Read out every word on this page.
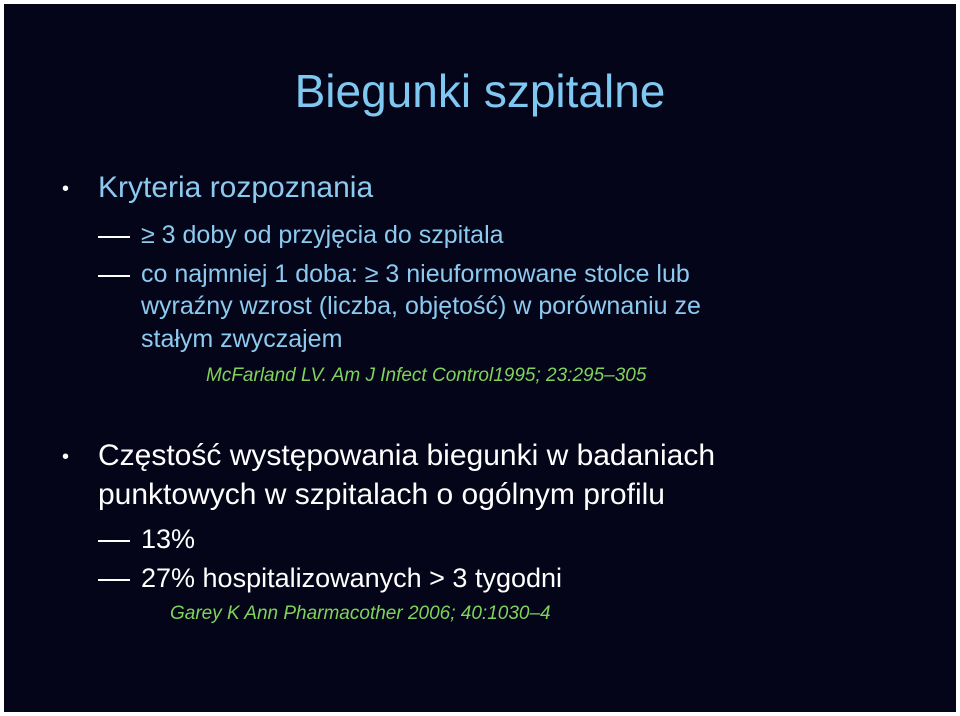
Biegunki szpitalne
• Kryteria rozpoznania
≥ 3 doby od przyjęcia do szpitala
co najmniej 1 doba: ≥ 3 nieuformowane stolce lub
wyraźny wzrost (liczba, objętość) w porównaniu ze
stałym zwyczajem
McFarland LV. Am J Infect Control1995; 23:295–305
• Częstość występowania biegunki w badaniach
punktowych w szpitalach o ogólnym profilu
13%
27% hospitalizowanych > 3 tygodni
Garey K Ann Pharmacother 2006; 40:1030–4
